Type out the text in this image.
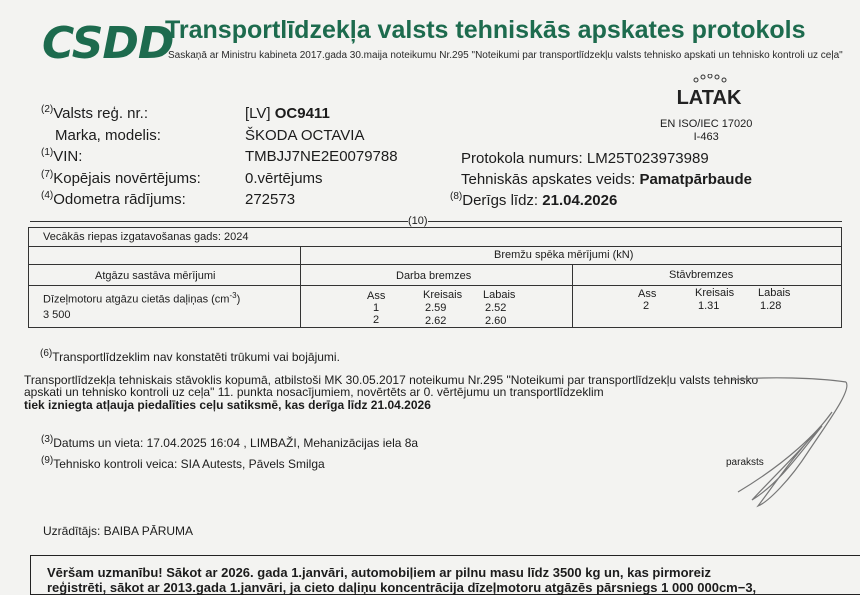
CSDD
Transportlīdzekļa valsts tehniskās apskates protokols
Saskaņā ar Ministru kabineta 2017.gada 30.maija noteikumu Nr.295 "Noteikumi par transportlīdzekļu valsts tehnisko apskati un tehnisko kontroli uz ceļa"
LATAK
EN ISO/IEC 17020
I-463
$^{(2)}$Valsts reģ. nr.:	[LV] OC9411
Marka, modelis:	ŠKODA OCTAVIA
$^{(1)}$VIN:	TMBJJ7NE2E0079788
$^{(7)}$Kopējais novērtējums:	0.vērtējums
$^{(4)}$Odometra rādījums:	272573
Protokola numurs: LM25T023973989
Tehniskās apskates veids: Pamatpārbaude
$^{(8)}$Derīgs līdz: 21.04.2026
(10)
Vecākās riepas izgatavošanas gads: 2024
Bremžu spēka mērījumi (kN)
Atgāzu sastāva mērījumi	Darba bremzes	Stāvbremzes
Dīzeļmotoru atgāzu cietās daļiņas $(cm^{-3})$
3 500
Ass	Kreisais Labais
1	2.59	2.52
2	2.62	2.60
Ass	Kreisais Labais
2	1.31	1.28
$^{(6)}$Transportlīdzeklim nav konstatēti trūkumi vai bojājumi.
Transportlīdzekļa tehniskais stāvoklis kopumā, atbilstoši MK 30.05.2017 noteikumu Nr.295 "Noteikumi par transportlīdzekļu valsts tehnisko
apskati un tehnisko kontroli uz ceļa" 11. punkta nosacījumiem, novērtēts ar 0. vērtējumu un transportlīdzeklim
tiek izniegta atļauja piedalīties ceļu satiksmē, kas derīga līdz 21.04.2026
$^{(3)}$Datums un vieta: 17.04.2025 16:04 , LIMBAŽI, Mehanizācijas iela 8a
$^{(9)}$Tehnisko kontroli veica: SIA Autests, Pāvels Smilga	paraksts
Uzrādītājs: BAIBA PĀRUMA
Vēršam uzmanību! Sākot ar 2026. gada 1.janvāri, automobiļiem ar pilnu masu līdz 3500 kg un, kas pirmoreiz
reģistrēti, sākot ar 2013.gada 1.janvāri, ja cieto daļiņu koncentrācija dīzeļmotoru atgāzēs pārsniegs 1 000 000cm−3,
